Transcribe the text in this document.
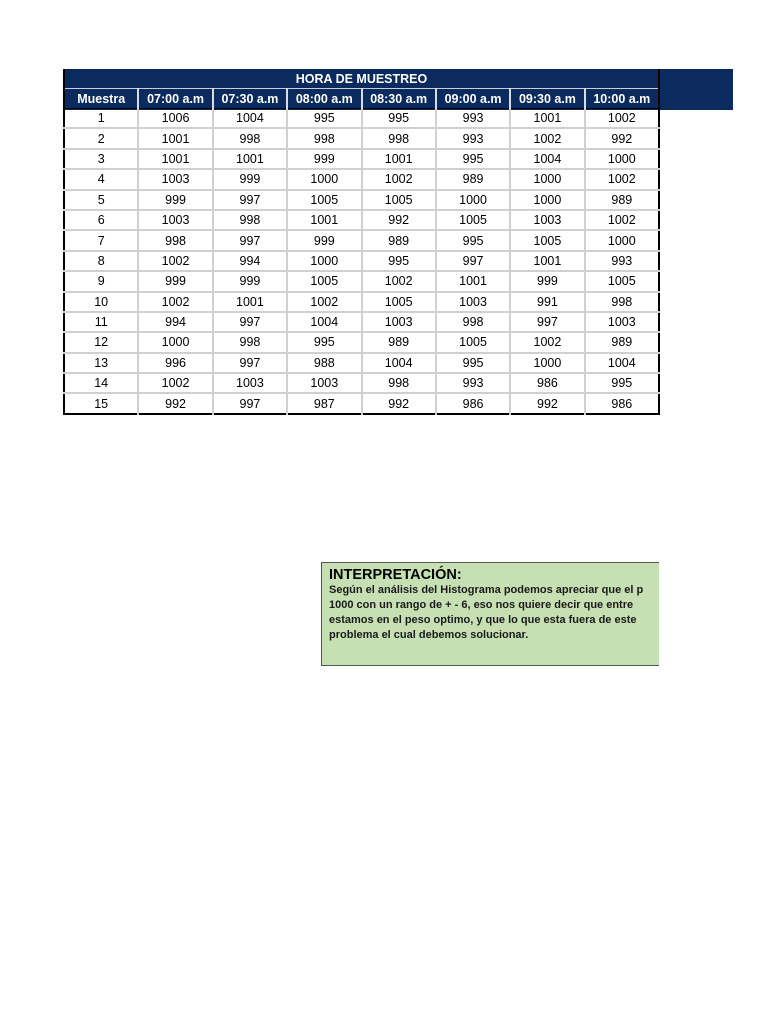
HORA DE MUESTREO							
Muestra	07:00 a.m	07:30 a.m	08:00 a.m	08:30 a.m	09:00 a.m	09:30 a.m	10:00 a.m
1	1006	1004	995	995	993	1001	1002
2	1001	998	998	998	993	1002	992
3	1001	1001	999	1001	995	1004	1000
4	1003	999	1000	1002	989	1000	1002
5	999	997	1005	1005	1000	1000	989
6	1003	998	1001	992	1005	1003	1002
7	998	997	999	989	995	1005	1000
8	1002	994	1000	995	997	1001	993
9	999	999	1005	1002	1001	999	1005
10	1002	1001	1002	1005	1003	991	998
11	994	997	1004	1003	998	997	1003
12	1000	998	995	989	1005	1002	989
13	996	997	988	1004	995	1000	1004
14	1002	1003	1003	998	993	986	995
15	992	997	987	992	986	992	986
INTERPRETACIÓN:
Según el análisis del Histograma podemos apreciar que el p
1000 con un rango de + - 6, eso nos quiere decir que entre
estamos en el peso optimo, y que lo que esta fuera de este
problema el cual debemos solucionar.
